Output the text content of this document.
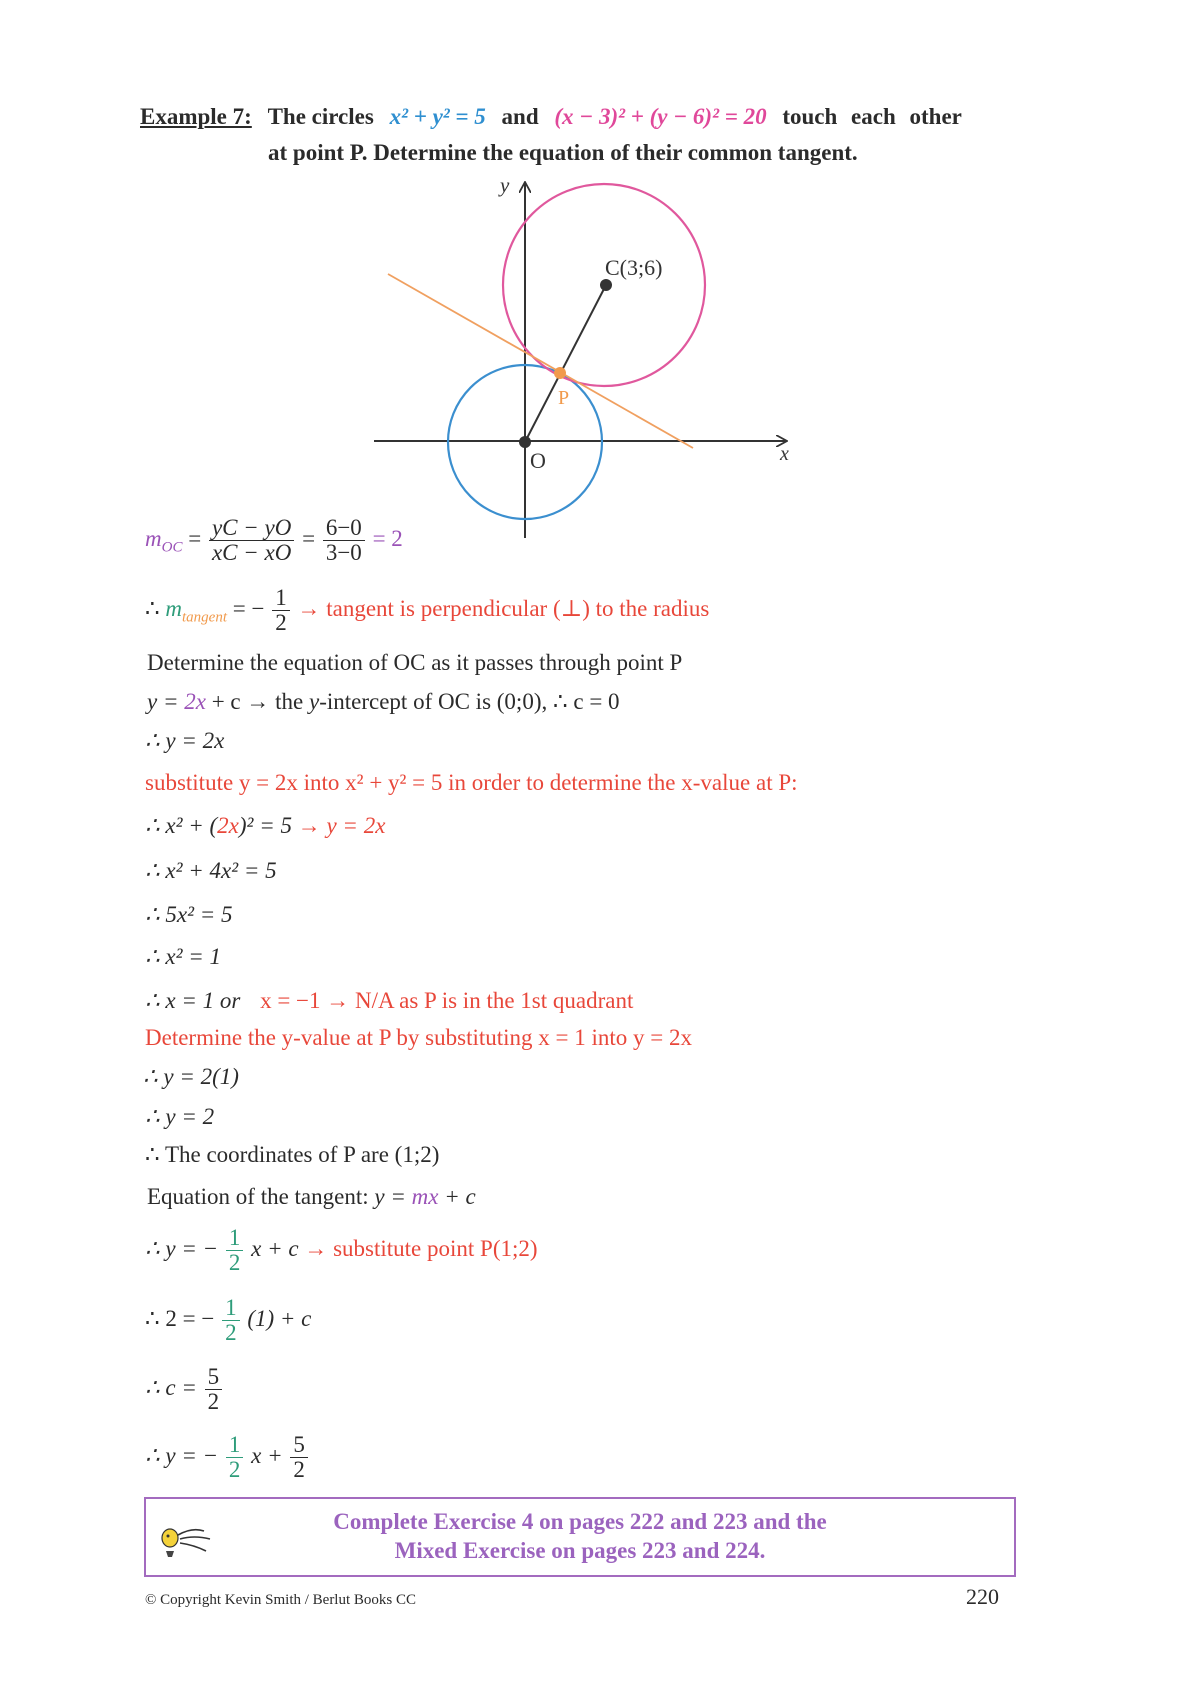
Example 7: The circles x² + y² = 5 and (x − 3)² + (y − 6)² = 20 touch each other
at point P. Determine the equation of their common tangent.
y
x
O
C(3;6)
P
$m_{OC} = \frac{yC - yO}{xC - xO} = \frac{6-0}{3-0} = 2$
∴ $m_{tangent}$ = − $\frac{1}{2}$ → tangent is perpendicular (⊥) to the radius
Determine the equation of OC as it passes through point P
y = 2x + c → the y-intercept of OC is (0;0), ∴ c = 0
∴ y = 2x
substitute y = 2x into x² + y² = 5 in order to determine the x-value at P:
∴ x² + (2x)² = 5 → y = 2x
∴ x² + 4x² = 5
∴ 5x² = 5
∴ x² = 1
∴ x = 1 or x = −1 → N/A as P is in the 1st quadrant
Determine the y-value at P by substituting x = 1 into y = 2x
∴ y = 2(1)
∴ y = 2
∴ The coordinates of P are (1;2)
Equation of the tangent: y = mx + c
∴ y = − $\frac{1}{2}$ x + c → substitute point P(1;2)
∴ 2 = − $\frac{1}{2} (1) + c$
∴ $c = \frac{5}{2}$
∴ y = − $\frac{1}{2}$ $x + \frac{5}{2}$
Complete Exercise 4 on pages 222 and 223 and the
Mixed Exercise on pages 223 and 224.
© Copyright Kevin Smith / Berlut Books CC	220
